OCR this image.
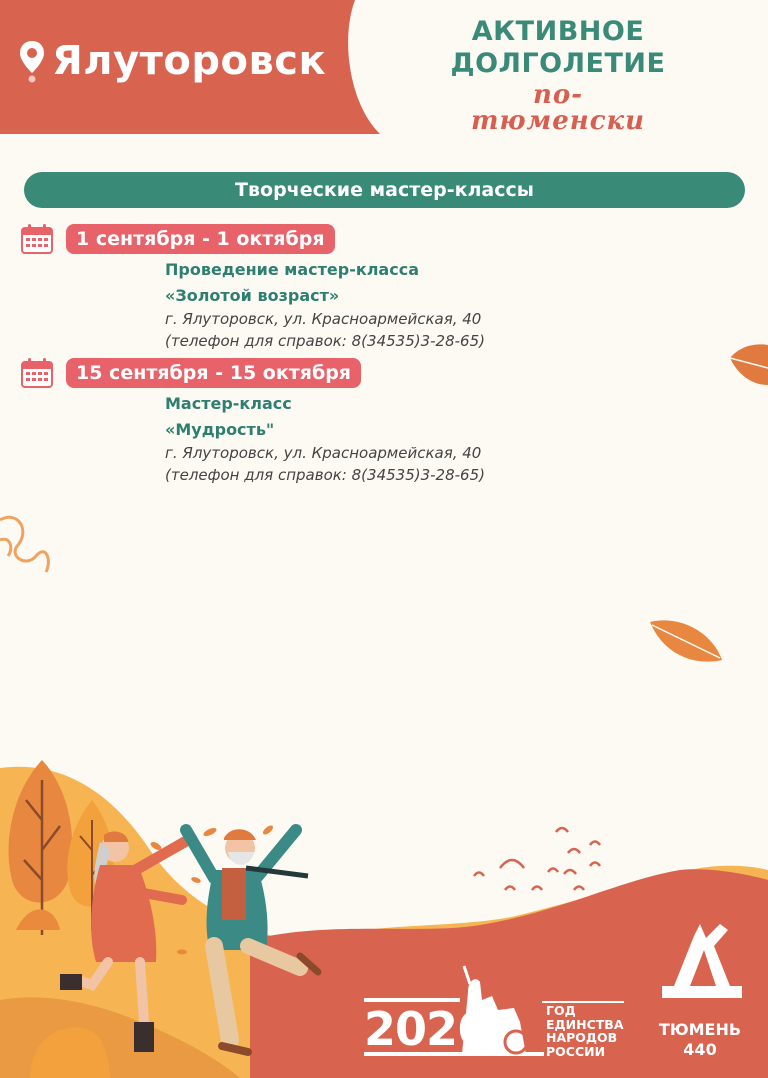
Ялуторовск
АКТИВНОЕ
ДОЛГОЛЕТИЕ
по-тюменски
Творческие мастер-классы
1 сентября - 1 октября
Проведение мастер-класса
«Золотой возраст»
г. Ялуторовск, ул. Красноармейская, 40
(телефон для справок: 8(34535)3-28-65)
15 сентября - 15 октября
Мастер-класс
«Мудрость"
г. Ялуторовск, ул. Красноармейская, 40
(телефон для справок: 8(34535)3-28-65)
2026	ГОД
ЕДИНСТВА
НАРОДОВ
РОССИИ
ТЮМЕНЬ
440
